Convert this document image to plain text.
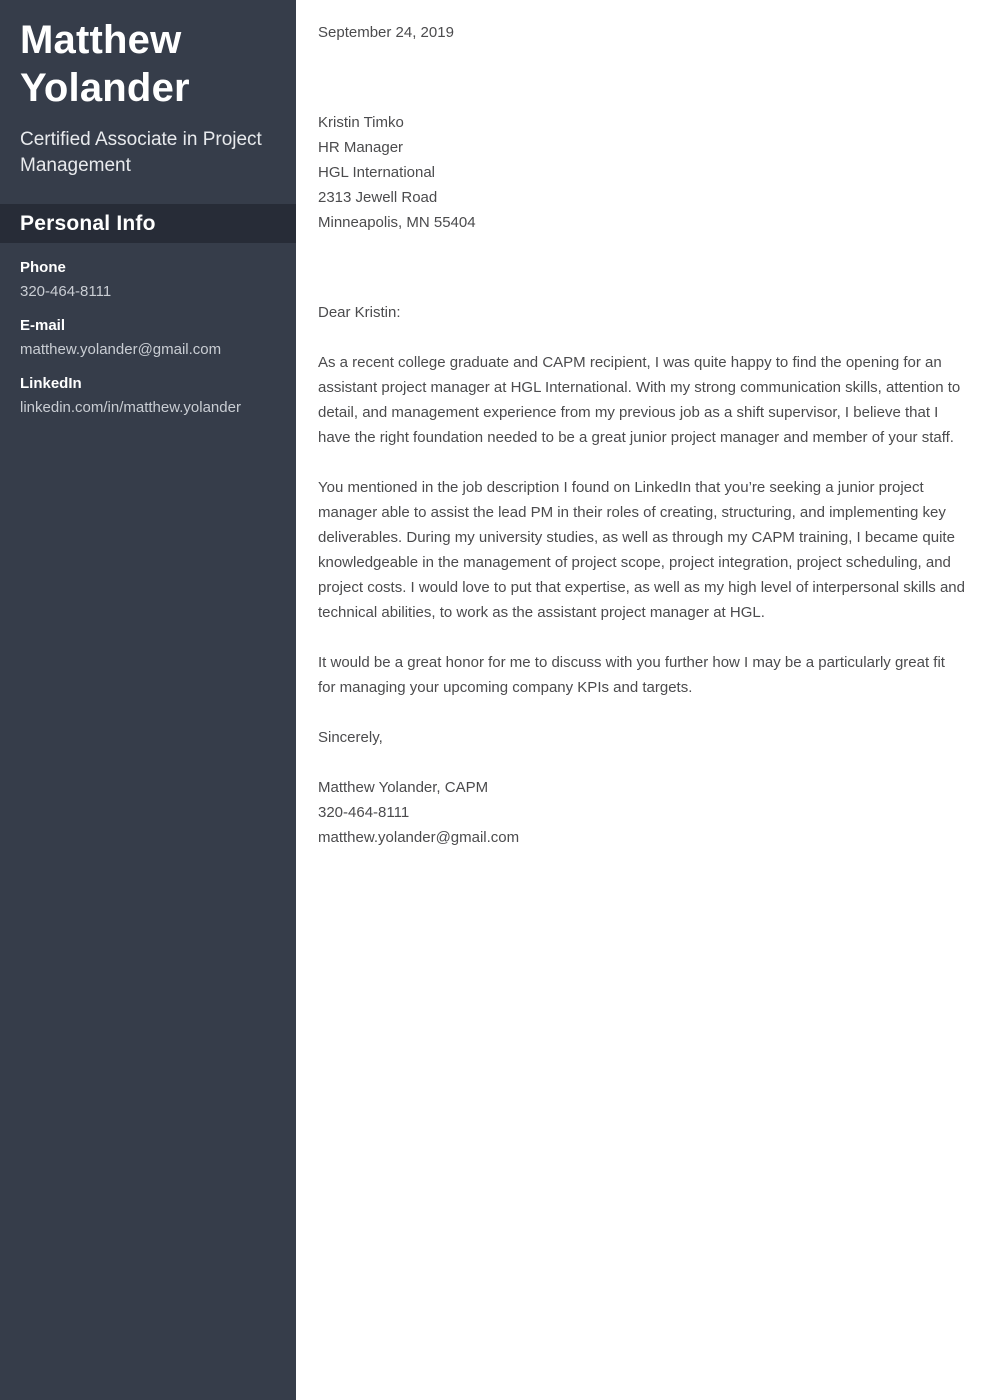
Matthew Yolander
Certified Associate in Project Management
Personal Info
Phone
320-464-8111
E-mail
matthew.yolander@gmail.com
LinkedIn
linkedin.com/in/matthew.yolander
September 24, 2019
Kristin Timko
HR Manager
HGL International
2313 Jewell Road
Minneapolis, MN 55404
Dear Kristin:

As a recent college graduate and CAPM recipient, I was quite happy to find the opening for an assistant project manager at HGL International. With my strong communication skills, attention to detail, and management experience from my previous job as a shift supervisor, I believe that I have the right foundation needed to be a great junior project manager and member of your staff.

You mentioned in the job description I found on LinkedIn that you’re seeking a junior project manager able to assist the lead PM in their roles of creating, structuring, and implementing key deliverables. During my university studies, as well as through my CAPM training, I became quite knowledgeable in the management of project scope, project integration, project scheduling, and project costs. I would love to put that expertise, as well as my high level of interpersonal skills and technical abilities, to work as the assistant project manager at HGL.

It would be a great honor for me to discuss with you further how I may be a particularly great fit for managing your upcoming company KPIs and targets.

Sincerely,
Matthew Yolander, CAPM
320-464-8111
matthew.yolander@gmail.com
